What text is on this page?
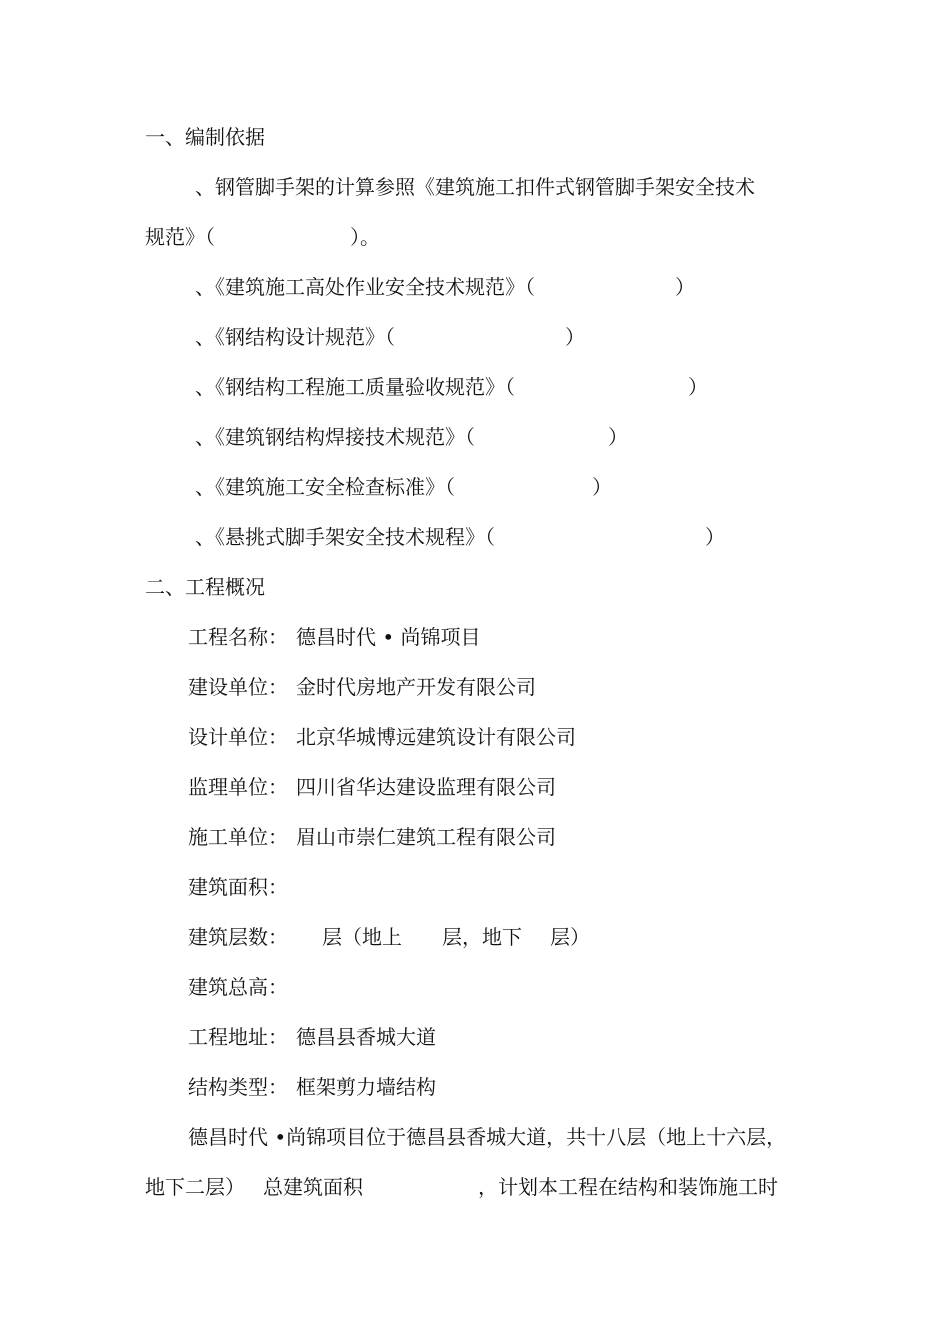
一、编制依据
、钢管脚手架的计算参照《建筑施工扣件式钢管脚手架安全技术
规范》（	）。
、《建筑施工高处作业安全技术规范》（	）
、《钢结构设计规范》（	）
、《钢结构工程施工质量验收规范》（	）
、《建筑钢结构焊接技术规范》（	）
、《建筑施工安全检查标准》（	）
、《悬挑式脚手架安全技术规程》（	）
二、工程概况
工程名称： 德昌时代 • 尚锦项目
建设单位： 金时代房地产开发有限公司
设计单位： 北京华城博远建筑设计有限公司
监理单位： 四川省华达建设监理有限公司
施工单位： 眉山市崇仁建筑工程有限公司
建筑面积：
建筑层数： 层（地上 层，地下 层）
建筑总高：
工程地址： 德昌县香城大道
结构类型： 框架剪力墙结构
德昌时代 •尚锦项目位于德昌县香城大道，共十八层（地上十六层，
地下二层） 总建筑面积	，计划本工程在结构和装饰施工时
